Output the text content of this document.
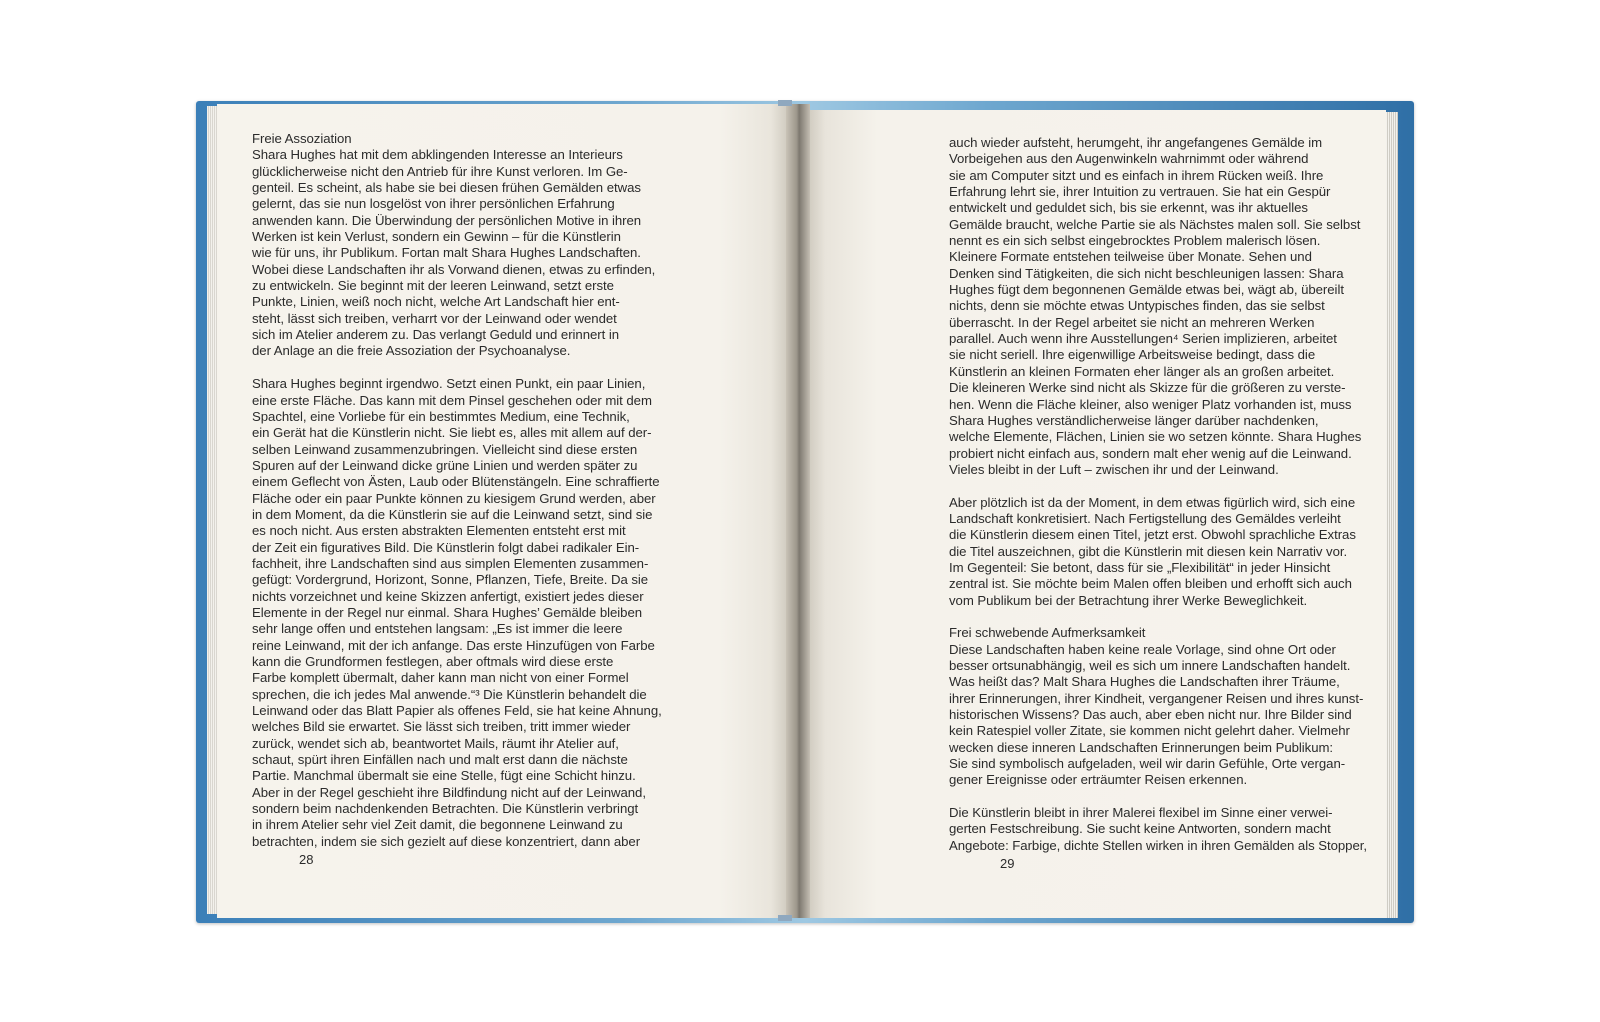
Freie Assoziation
Shara Hughes hat mit dem abklingenden Interesse an Interieurs
glücklicherweise nicht den Antrieb für ihre Kunst verloren. Im Ge-
genteil. Es scheint, als habe sie bei diesen frühen Gemälden etwas
gelernt, das sie nun losgelöst von ihrer persönlichen Erfahrung
anwenden kann. Die Überwindung der persönlichen Motive in ihren
Werken ist kein Verlust, sondern ein Gewinn – für die Künstlerin
wie für uns, ihr Publikum. Fortan malt Shara Hughes Landschaften.
Wobei diese Landschaften ihr als Vorwand dienen, etwas zu erfinden,
zu entwickeln. Sie beginnt mit der leeren Leinwand, setzt erste
Punkte, Linien, weiß noch nicht, welche Art Landschaft hier ent-
steht, lässt sich treiben, verharrt vor der Leinwand oder wendet
sich im Atelier anderem zu. Das verlangt Geduld und erinnert in
der Anlage an die freie Assoziation der Psychoanalyse.
Shara Hughes beginnt irgendwo. Setzt einen Punkt, ein paar Linien,
eine erste Fläche. Das kann mit dem Pinsel geschehen oder mit dem
Spachtel, eine Vorliebe für ein bestimmtes Medium, eine Technik,
ein Gerät hat die Künstlerin nicht. Sie liebt es, alles mit allem auf der-
selben Leinwand zusammenzubringen. Vielleicht sind diese ersten
Spuren auf der Leinwand dicke grüne Linien und werden später zu
einem Geflecht von Ästen, Laub oder Blütenstängeln. Eine schraffierte
Fläche oder ein paar Punkte können zu kiesigem Grund werden, aber
in dem Moment, da die Künstlerin sie auf die Leinwand setzt, sind sie
es noch nicht. Aus ersten abstrakten Elementen entsteht erst mit
der Zeit ein figuratives Bild. Die Künstlerin folgt dabei radikaler Ein-
fachheit, ihre Landschaften sind aus simplen Elementen zusammen-
gefügt: Vordergrund, Horizont, Sonne, Pflanzen, Tiefe, Breite. Da sie
nichts vorzeichnet und keine Skizzen anfertigt, existiert jedes dieser
Elemente in der Regel nur einmal. Shara Hughes’ Gemälde bleiben
sehr lange offen und entstehen langsam: „Es ist immer die leere
reine Leinwand, mit der ich anfange. Das erste Hinzufügen von Farbe
kann die Grundformen festlegen, aber oftmals wird diese erste
Farbe komplett übermalt, daher kann man nicht von einer Formel
sprechen, die ich jedes Mal anwende.“³ Die Künstlerin behandelt die
Leinwand oder das Blatt Papier als offenes Feld, sie hat keine Ahnung,
welches Bild sie erwartet. Sie lässt sich treiben, tritt immer wieder
zurück, wendet sich ab, beantwortet Mails, räumt ihr Atelier auf,
schaut, spürt ihren Einfällen nach und malt erst dann die nächste
Partie. Manchmal übermalt sie eine Stelle, fügt eine Schicht hinzu.
Aber in der Regel geschieht ihre Bildfindung nicht auf der Leinwand,
sondern beim nachdenkenden Betrachten. Die Künstlerin verbringt
in ihrem Atelier sehr viel Zeit damit, die begonnene Leinwand zu
betrachten, indem sie sich gezielt auf diese konzentriert, dann aber
auch wieder aufsteht, herumgeht, ihr angefangenes Gemälde im
Vorbeigehen aus den Augenwinkeln wahrnimmt oder während
sie am Computer sitzt und es einfach in ihrem Rücken weiß. Ihre
Erfahrung lehrt sie, ihrer Intuition zu vertrauen. Sie hat ein Gespür
entwickelt und geduldet sich, bis sie erkennt, was ihr aktuelles
Gemälde braucht, welche Partie sie als Nächstes malen soll. Sie selbst
nennt es ein sich selbst eingebrocktes Problem malerisch lösen.
Kleinere Formate entstehen teilweise über Monate. Sehen und
Denken sind Tätigkeiten, die sich nicht beschleunigen lassen: Shara
Hughes fügt dem begonnenen Gemälde etwas bei, wägt ab, übereilt
nichts, denn sie möchte etwas Untypisches finden, das sie selbst
überrascht. In der Regel arbeitet sie nicht an mehreren Werken
parallel. Auch wenn ihre Ausstellungen⁴ Serien implizieren, arbeitet
sie nicht seriell. Ihre eigenwillige Arbeitsweise bedingt, dass die
Künstlerin an kleinen Formaten eher länger als an großen arbeitet.
Die kleineren Werke sind nicht als Skizze für die größeren zu verste-
hen. Wenn die Fläche kleiner, also weniger Platz vorhanden ist, muss
Shara Hughes verständlicherweise länger darüber nachdenken,
welche Elemente, Flächen, Linien sie wo setzen könnte. Shara Hughes
probiert nicht einfach aus, sondern malt eher wenig auf die Leinwand.
Vieles bleibt in der Luft – zwischen ihr und der Leinwand.
Aber plötzlich ist da der Moment, in dem etwas figürlich wird, sich eine
Landschaft konkretisiert. Nach Fertigstellung des Gemäldes verleiht
die Künstlerin diesem einen Titel, jetzt erst. Obwohl sprachliche Extras
die Titel auszeichnen, gibt die Künstlerin mit diesen kein Narrativ vor.
Im Gegenteil: Sie betont, dass für sie „Flexibilität“ in jeder Hinsicht
zentral ist. Sie möchte beim Malen offen bleiben und erhofft sich auch
vom Publikum bei der Betrachtung ihrer Werke Beweglichkeit.
Frei schwebende Aufmerksamkeit
Diese Landschaften haben keine reale Vorlage, sind ohne Ort oder
besser ortsunabhängig, weil es sich um innere Landschaften handelt.
Was heißt das? Malt Shara Hughes die Landschaften ihrer Träume,
ihrer Erinnerungen, ihrer Kindheit, vergangener Reisen und ihres kunst-
historischen Wissens? Das auch, aber eben nicht nur. Ihre Bilder sind
kein Ratespiel voller Zitate, sie kommen nicht gelehrt daher. Vielmehr
wecken diese inneren Landschaften Erinnerungen beim Publikum:
Sie sind symbolisch aufgeladen, weil wir darin Gefühle, Orte vergan-
gener Ereignisse oder erträumter Reisen erkennen.
Die Künstlerin bleibt in ihrer Malerei flexibel im Sinne einer verwei-
gerten Festschreibung. Sie sucht keine Antworten, sondern macht
Angebote: Farbige, dichte Stellen wirken in ihren Gemälden als Stopper,
28	29
